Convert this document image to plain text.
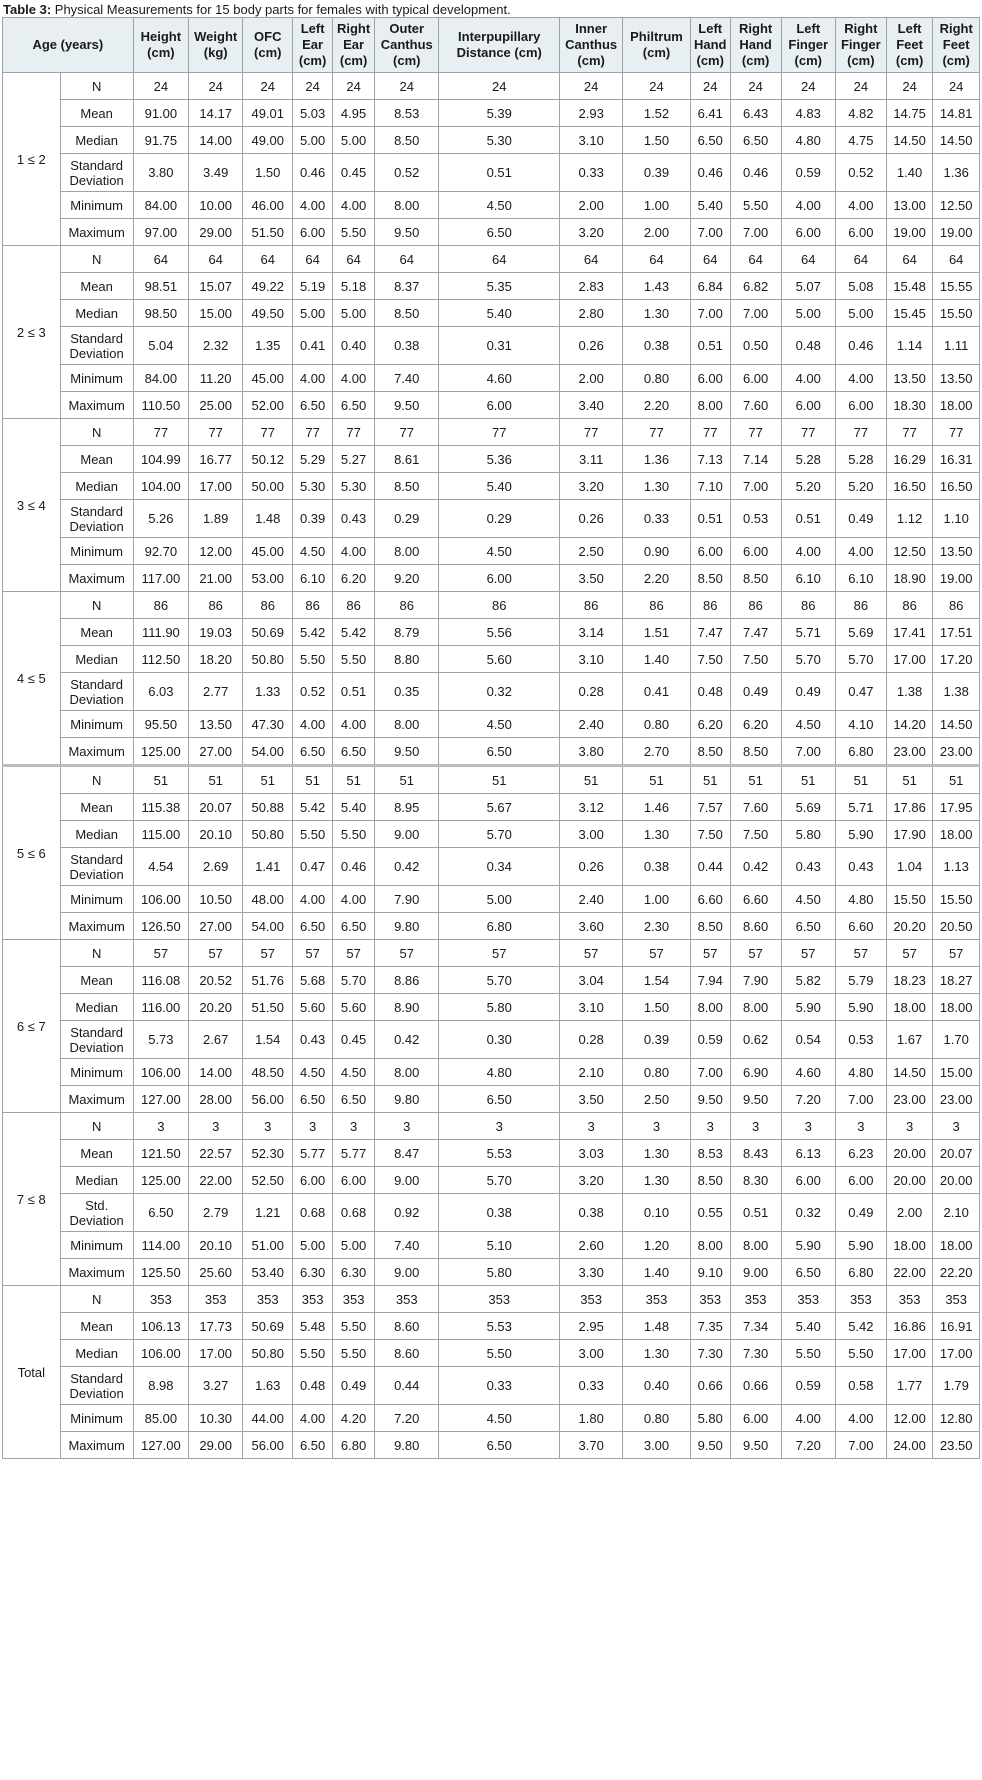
Table 3: Physical Measurements for 15 body parts for females with typical development.
Age (years)		Height (cm)	Weight (kg)	OFC (cm)	Left Ear (cm)	Right Ear (cm)	Outer Canthus (cm)	Interpupillary Distance (cm)	Inner Canthus (cm)	Philtrum (cm)	Left Hand (cm)	Right Hand (cm)	Left Finger (cm)	Right Finger (cm)	Left Feet (cm)	Right Feet (cm)
1 ≤ 2	N	24	24	24	24	24	24	24	24	24	24	24	24	24	24	24
	Mean	91.00	14.17	49.01	5.03	4.95	8.53	5.39	2.93	1.52	6.41	6.43	4.83	4.82	14.75	14.81
	Median	91.75	14.00	49.00	5.00	5.00	8.50	5.30	3.10	1.50	6.50	6.50	4.80	4.75	14.50	14.50
	Standard Deviation	3.80	3.49	1.50	0.46	0.45	0.52	0.51	0.33	0.39	0.46	0.46	0.59	0.52	1.40	1.36
	Minimum	84.00	10.00	46.00	4.00	4.00	8.00	4.50	2.00	1.00	5.40	5.50	4.00	4.00	13.00	12.50
	Maximum	97.00	29.00	51.50	6.00	5.50	9.50	6.50	3.20	2.00	7.00	7.00	6.00	6.00	19.00	19.00
2 ≤ 3	N	64	64	64	64	64	64	64	64	64	64	64	64	64	64	64
	Mean	98.51	15.07	49.22	5.19	5.18	8.37	5.35	2.83	1.43	6.84	6.82	5.07	5.08	15.48	15.55
	Median	98.50	15.00	49.50	5.00	5.00	8.50	5.40	2.80	1.30	7.00	7.00	5.00	5.00	15.45	15.50
	Standard Deviation	5.04	2.32	1.35	0.41	0.40	0.38	0.31	0.26	0.38	0.51	0.50	0.48	0.46	1.14	1.11
	Minimum	84.00	11.20	45.00	4.00	4.00	7.40	4.60	2.00	0.80	6.00	6.00	4.00	4.00	13.50	13.50
	Maximum	110.50	25.00	52.00	6.50	6.50	9.50	6.00	3.40	2.20	8.00	7.60	6.00	6.00	18.30	18.00
3 ≤ 4	N	77	77	77	77	77	77	77	77	77	77	77	77	77	77	77
	Mean	104.99	16.77	50.12	5.29	5.27	8.61	5.36	3.11	1.36	7.13	7.14	5.28	5.28	16.29	16.31
	Median	104.00	17.00	50.00	5.30	5.30	8.50	5.40	3.20	1.30	7.10	7.00	5.20	5.20	16.50	16.50
	Standard Deviation	5.26	1.89	1.48	0.39	0.43	0.29	0.29	0.26	0.33	0.51	0.53	0.51	0.49	1.12	1.10
	Minimum	92.70	12.00	45.00	4.50	4.00	8.00	4.50	2.50	0.90	6.00	6.00	4.00	4.00	12.50	13.50
	Maximum	117.00	21.00	53.00	6.10	6.20	9.20	6.00	3.50	2.20	8.50	8.50	6.10	6.10	18.90	19.00
4 ≤ 5	N	86	86	86	86	86	86	86	86	86	86	86	86	86	86	86
	Mean	111.90	19.03	50.69	5.42	5.42	8.79	5.56	3.14	1.51	7.47	7.47	5.71	5.69	17.41	17.51
	Median	112.50	18.20	50.80	5.50	5.50	8.80	5.60	3.10	1.40	7.50	7.50	5.70	5.70	17.00	17.20
	Standard Deviation	6.03	2.77	1.33	0.52	0.51	0.35	0.32	0.28	0.41	0.48	0.49	0.49	0.47	1.38	1.38
	Minimum	95.50	13.50	47.30	4.00	4.00	8.00	4.50	2.40	0.80	6.20	6.20	4.50	4.10	14.20	14.50
	Maximum	125.00	27.00	54.00	6.50	6.50	9.50	6.50	3.80	2.70	8.50	8.50	7.00	6.80	23.00	23.00
5 ≤ 6	N	51	51	51	51	51	51	51	51	51	51	51	51	51	51	51
	Mean	115.38	20.07	50.88	5.42	5.40	8.95	5.67	3.12	1.46	7.57	7.60	5.69	5.71	17.86	17.95
	Median	115.00	20.10	50.80	5.50	5.50	9.00	5.70	3.00	1.30	7.50	7.50	5.80	5.90	17.90	18.00
	Standard Deviation	4.54	2.69	1.41	0.47	0.46	0.42	0.34	0.26	0.38	0.44	0.42	0.43	0.43	1.04	1.13
	Minimum	106.00	10.50	48.00	4.00	4.00	7.90	5.00	2.40	1.00	6.60	6.60	4.50	4.80	15.50	15.50
	Maximum	126.50	27.00	54.00	6.50	6.50	9.80	6.80	3.60	2.30	8.50	8.60	6.50	6.60	20.20	20.50
6 ≤ 7	N	57	57	57	57	57	57	57	57	57	57	57	57	57	57	57
	Mean	116.08	20.52	51.76	5.68	5.70	8.86	5.70	3.04	1.54	7.94	7.90	5.82	5.79	18.23	18.27
	Median	116.00	20.20	51.50	5.60	5.60	8.90	5.80	3.10	1.50	8.00	8.00	5.90	5.90	18.00	18.00
	Standard Deviation	5.73	2.67	1.54	0.43	0.45	0.42	0.30	0.28	0.39	0.59	0.62	0.54	0.53	1.67	1.70
	Minimum	106.00	14.00	48.50	4.50	4.50	8.00	4.80	2.10	0.80	7.00	6.90	4.60	4.80	14.50	15.00
	Maximum	127.00	28.00	56.00	6.50	6.50	9.80	6.50	3.50	2.50	9.50	9.50	7.20	7.00	23.00	23.00
7 ≤ 8	N	3	3	3	3	3	3	3	3	3	3	3	3	3	3	3
	Mean	121.50	22.57	52.30	5.77	5.77	8.47	5.53	3.03	1.30	8.53	8.43	6.13	6.23	20.00	20.07
	Median	125.00	22.00	52.50	6.00	6.00	9.00	5.70	3.20	1.30	8.50	8.30	6.00	6.00	20.00	20.00
	Std. Deviation	6.50	2.79	1.21	0.68	0.68	0.92	0.38	0.38	0.10	0.55	0.51	0.32	0.49	2.00	2.10
	Minimum	114.00	20.10	51.00	5.00	5.00	7.40	5.10	2.60	1.20	8.00	8.00	5.90	5.90	18.00	18.00
	Maximum	125.50	25.60	53.40	6.30	6.30	9.00	5.80	3.30	1.40	9.10	9.00	6.50	6.80	22.00	22.20
Total	N	353	353	353	353	353	353	353	353	353	353	353	353	353	353	353
	Mean	106.13	17.73	50.69	5.48	5.50	8.60	5.53	2.95	1.48	7.35	7.34	5.40	5.42	16.86	16.91
	Median	106.00	17.00	50.80	5.50	5.50	8.60	5.50	3.00	1.30	7.30	7.30	5.50	5.50	17.00	17.00
	Standard Deviation	8.98	3.27	1.63	0.48	0.49	0.44	0.33	0.33	0.40	0.66	0.66	0.59	0.58	1.77	1.79
	Minimum	85.00	10.30	44.00	4.00	4.20	7.20	4.50	1.80	0.80	5.80	6.00	4.00	4.00	12.00	12.80
	Maximum	127.00	29.00	56.00	6.50	6.80	9.80	6.50	3.70	3.00	9.50	9.50	7.20	7.00	24.00	23.50
